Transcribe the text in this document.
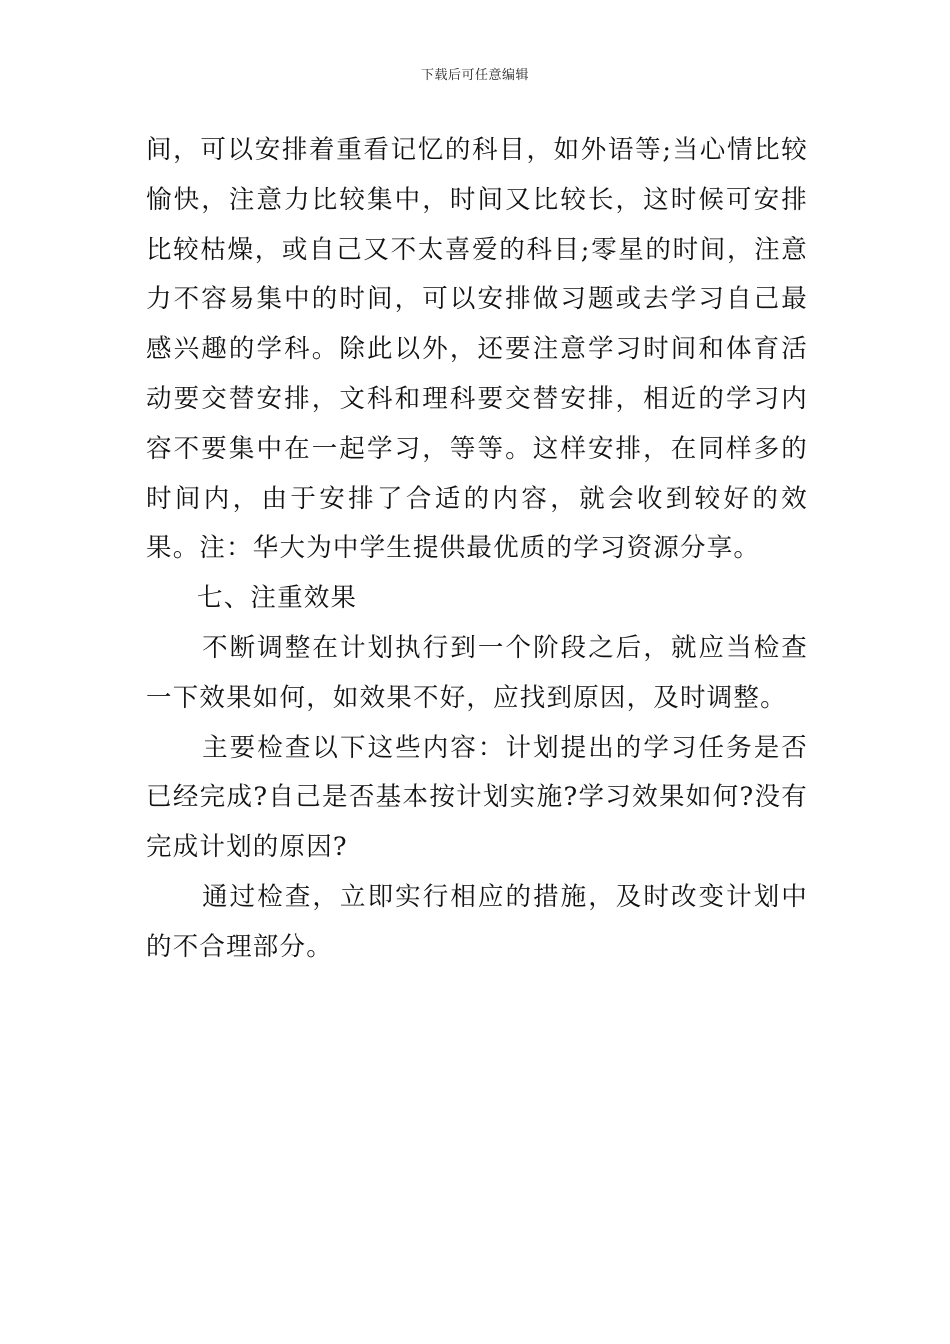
下载后可任意编辑

间，可以安排着重看记忆的科目，如外语等;当心情比较愉快，注意力比较集中，时间又比较长，这时候可安排比较枯燥，或自己又不太喜爱的科目;零星的时间，注意力不容易集中的时间，可以安排做习题或去学习自己最感兴趣的学科。除此以外，还要注意学习时间和体育活动要交替安排，文科和理科要交替安排，相近的学习内容不要集中在一起学习，等等。这样安排，在同样多的时间内，由于安排了合适的内容，就会收到较好的效果。注：华大为中学生提供最优质的学习资源分享。

七、注重效果

不断调整在计划执行到一个阶段之后，就应当检查一下效果如何，如效果不好，应找到原因，及时调整。

主要检查以下这些内容：计划提出的学习任务是否已经完成?自己是否基本按计划实施?学习效果如何?没有完成计划的原因?

通过检查，立即实行相应的措施，及时改变计划中的不合理部分。
